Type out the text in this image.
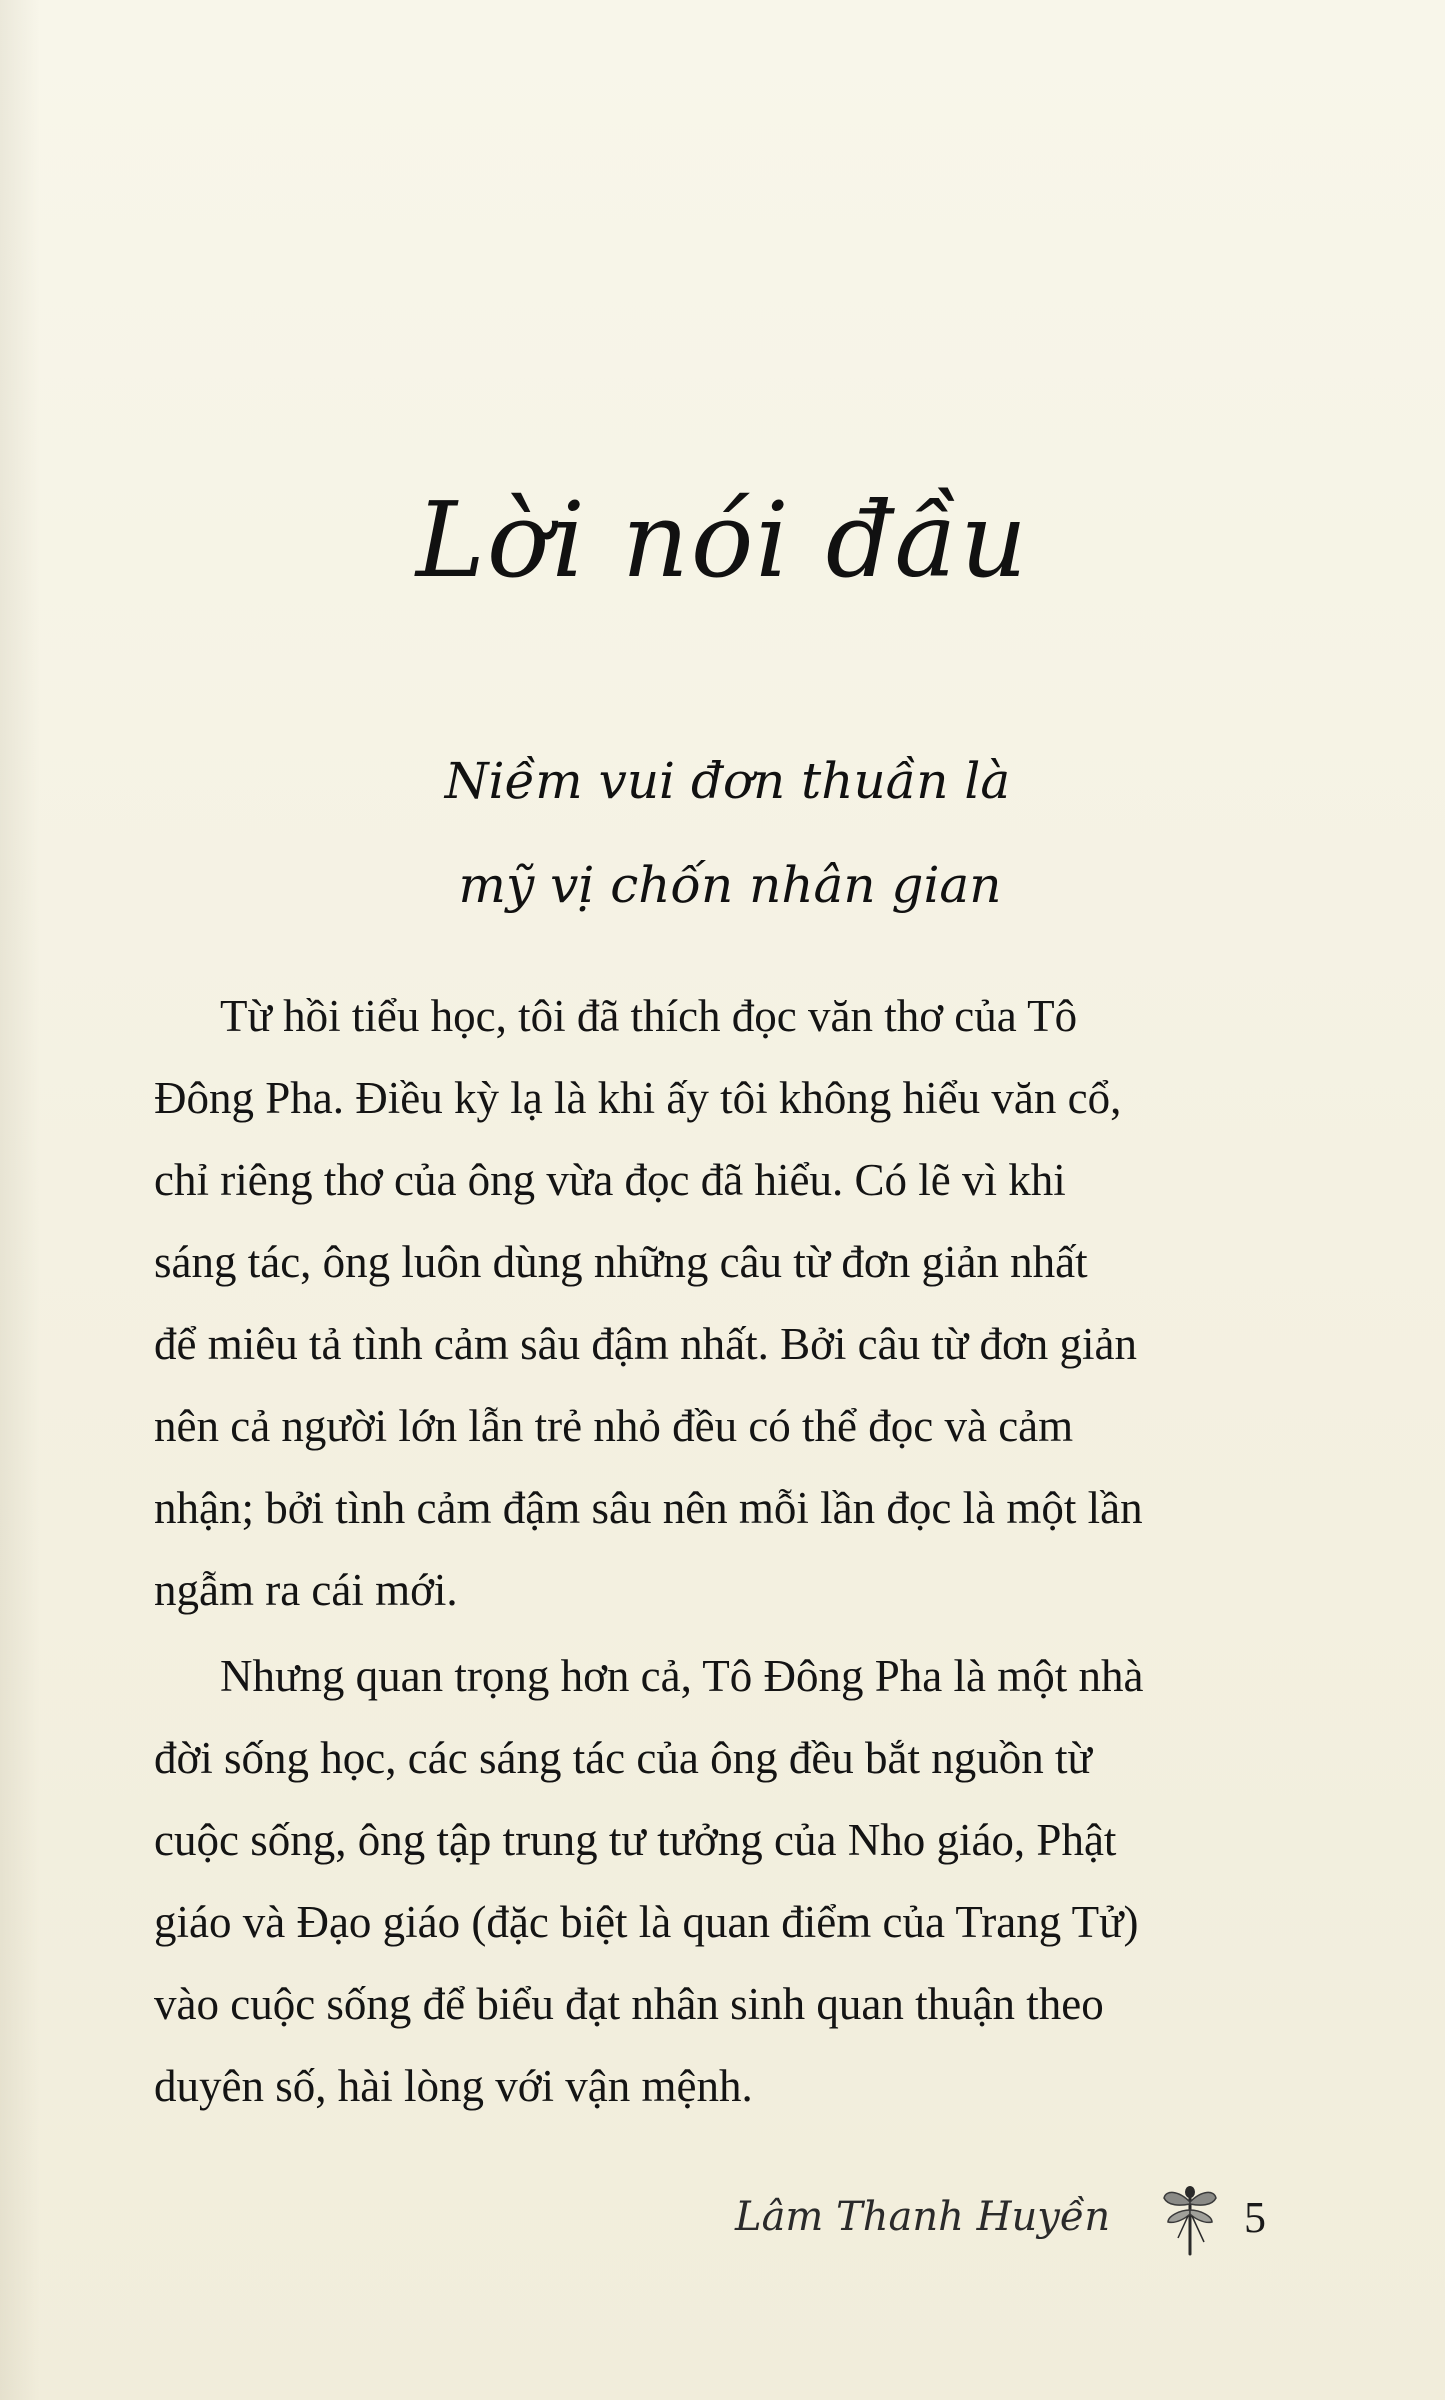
Lời nói đầu
Niềm vui đơn thuần là
mỹ vị chốn nhân gian
Từ hồi tiểu học, tôi đã thích đọc văn thơ của Tô
Đông Pha. Điều kỳ lạ là khi ấy tôi không hiểu văn cổ,
chỉ riêng thơ của ông vừa đọc đã hiểu. Có lẽ vì khi
sáng tác, ông luôn dùng những câu từ đơn giản nhất
để miêu tả tình cảm sâu đậm nhất. Bởi câu từ đơn giản
nên cả người lớn lẫn trẻ nhỏ đều có thể đọc và cảm
nhận; bởi tình cảm đậm sâu nên mỗi lần đọc là một lần
ngẫm ra cái mới.
Nhưng quan trọng hơn cả, Tô Đông Pha là một nhà
đời sống học, các sáng tác của ông đều bắt nguồn từ
cuộc sống, ông tập trung tư tưởng của Nho giáo, Phật
giáo và Đạo giáo (đặc biệt là quan điểm của Trang Tử)
vào cuộc sống để biểu đạt nhân sinh quan thuận theo
duyên số, hài lòng với vận mệnh.
Lâm Thanh Huyền	5
